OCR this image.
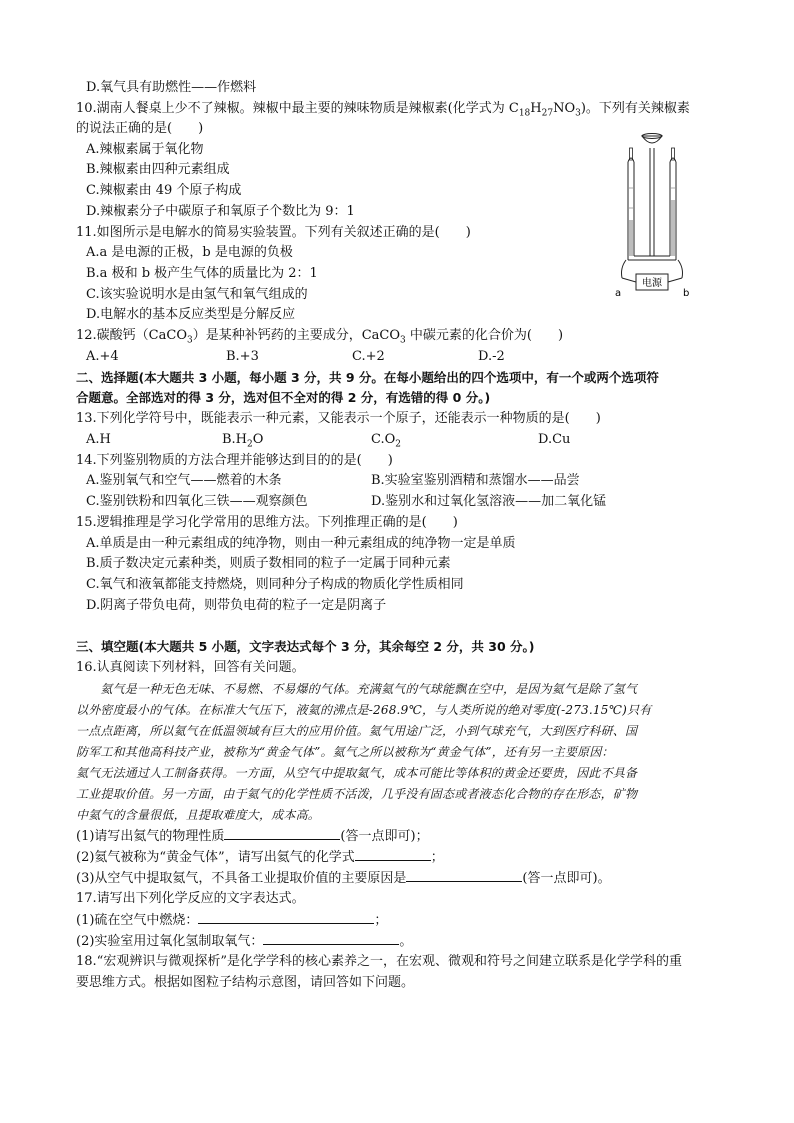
D.氧气具有助燃性——作燃料
10.湖南人餐桌上少不了辣椒。辣椒中最主要的辣味物质是辣椒素(化学式为 $C_{18}H_{27}NO_3$)。下列有关辣椒素
的说法正确的是(　　)
A.辣椒素属于氧化物
B.辣椒素由四种元素组成
C.辣椒素由 49 个原子构成
D.辣椒素分子中碳原子和氧原子个数比为 9：1
11.如图所示是电解水的简易实验装置。下列有关叙述正确的是(　　)
A.a 是电源的正极，b 是电源的负极
B.a 极和 b 极产生气体的质量比为 2：1
C.该实验说明水是由氢气和氧气组成的
D.电解水的基本反应类型是分解反应
电源
a	b
12.碳酸钙（CaCO$_3$）是某种补钙药的主要成分，CaCO$_3$ 中碳元素的化合价为(　　)
A.+4	B.+3	C.+2	D.-2
二、选择题(本大题共 3 小题，每小题 3 分，共 9 分。在每小题给出的四个选项中，有一个或两个选项符
合题意。全部选对的得 3 分，选对但不全对的得 2 分，有选错的得 0 分。)
13.下列化学符号中，既能表示一种元素，又能表示一个原子，还能表示一种物质的是(　　)
A.H	$B.H_2O$	$C.O_2$	D.Cu
14.下列鉴别物质的方法合理并能够达到目的的是(　　)
A.鉴别氧气和空气——燃着的木条	B.实验室鉴别酒精和蒸馏水——品尝
C.鉴别铁粉和四氧化三铁——观察颜色	D.鉴别水和过氧化氢溶液——加二氧化锰
15.逻辑推理是学习化学常用的思维方法。下列推理正确的是(　　)
A.单质是由一种元素组成的纯净物，则由一种元素组成的纯净物一定是单质
B.质子数决定元素种类，则质子数相同的粒子一定属于同种元素
C.氧气和液氧都能支持燃烧，则同种分子构成的物质化学性质相同
D.阴离子带负电荷，则带负电荷的粒子一定是阴离子
三、填空题(本大题共 5 小题，文字表达式每个 3 分，其余每空 2 分，共 30 分。)
16.认真阅读下列材料，回答有关问题。
　　氦气是一种无色无味、不易燃、不易爆的气体。充满氦气的气球能飘在空中，是因为氦气是除了氢气
以外密度最小的气体。在标准大气压下，液氦的沸点是-268.9℃，与人类所说的绝对零度(-273.15℃)只有
一点点距离，所以氦气在低温领域有巨大的应用价值。氦气用途广泛，小到气球充气，大到医疗科研、国
防军工和其他高科技产业，被称为“黄金气体”。氦气之所以被称为“黄金气体”，还有另一主要原因：
氦气无法通过人工制备获得。一方面，从空气中提取氦气，成本可能比等体积的黄金还要贵，因此不具备
工业提取价值。另一方面，由于氦气的化学性质不活泼，几乎没有固态或者液态化合物的存在形态，矿物
中氦气的含量很低，且提取难度大，成本高。
(1)请写出氦气的物理性质	(答一点即可)；
(2)氦气被称为“黄金气体”，请写出氦气的化学式	；
(3)从空气中提取氦气，不具备工业提取价值的主要原因是	(答一点即可)。
17.请写出下列化学反应的文字表达式。
(1)硫在空气中燃烧：	；
(2)实验室用过氧化氢制取氧气：	。
18.“宏观辨识与微观探析”是化学学科的核心素养之一，在宏观、微观和符号之间建立联系是化学学科的重
要思维方式。根据如图粒子结构示意图，请回答如下问题。
